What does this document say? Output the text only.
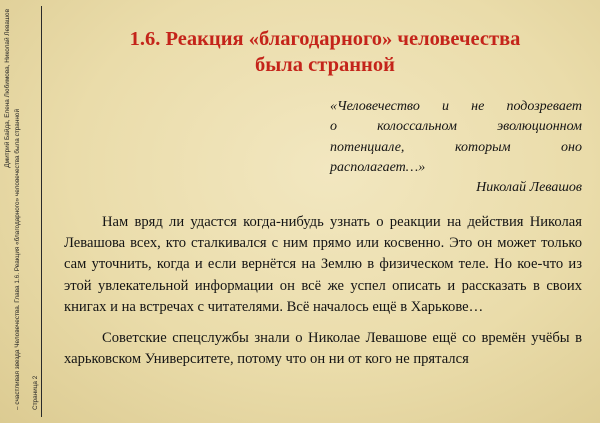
Дмитрий Байда, Елена Любимова, Николай Левашов
– счастливая звезда Человечества. Глава 1.6. Реакция «благодарного» человечества была странной	Страница 2
1.6. Реакция «благодарного» человечества
была странной
«Человечество и не подозревает
о колоссальном эволюционном
потенциале, которым оно
располагает…»
Николай Левашов

Нам вряд ли удастся когда-нибудь узнать о реакции на действия Николая Левашова всех, кто сталкивался с ним прямо или косвенно. Это он может только сам уточнить, когда и если вернётся на Землю в физическом теле. Но кое-что из этой увлекательной информации он всё же успел описать и рассказать в своих книгах и на встречах с читателями. Всё началось ещё в Харькове…

Советские спецслужбы знали о Николае Левашове ещё со времён учёбы в харьковском Университете, потому что он ни от кого не прятался
